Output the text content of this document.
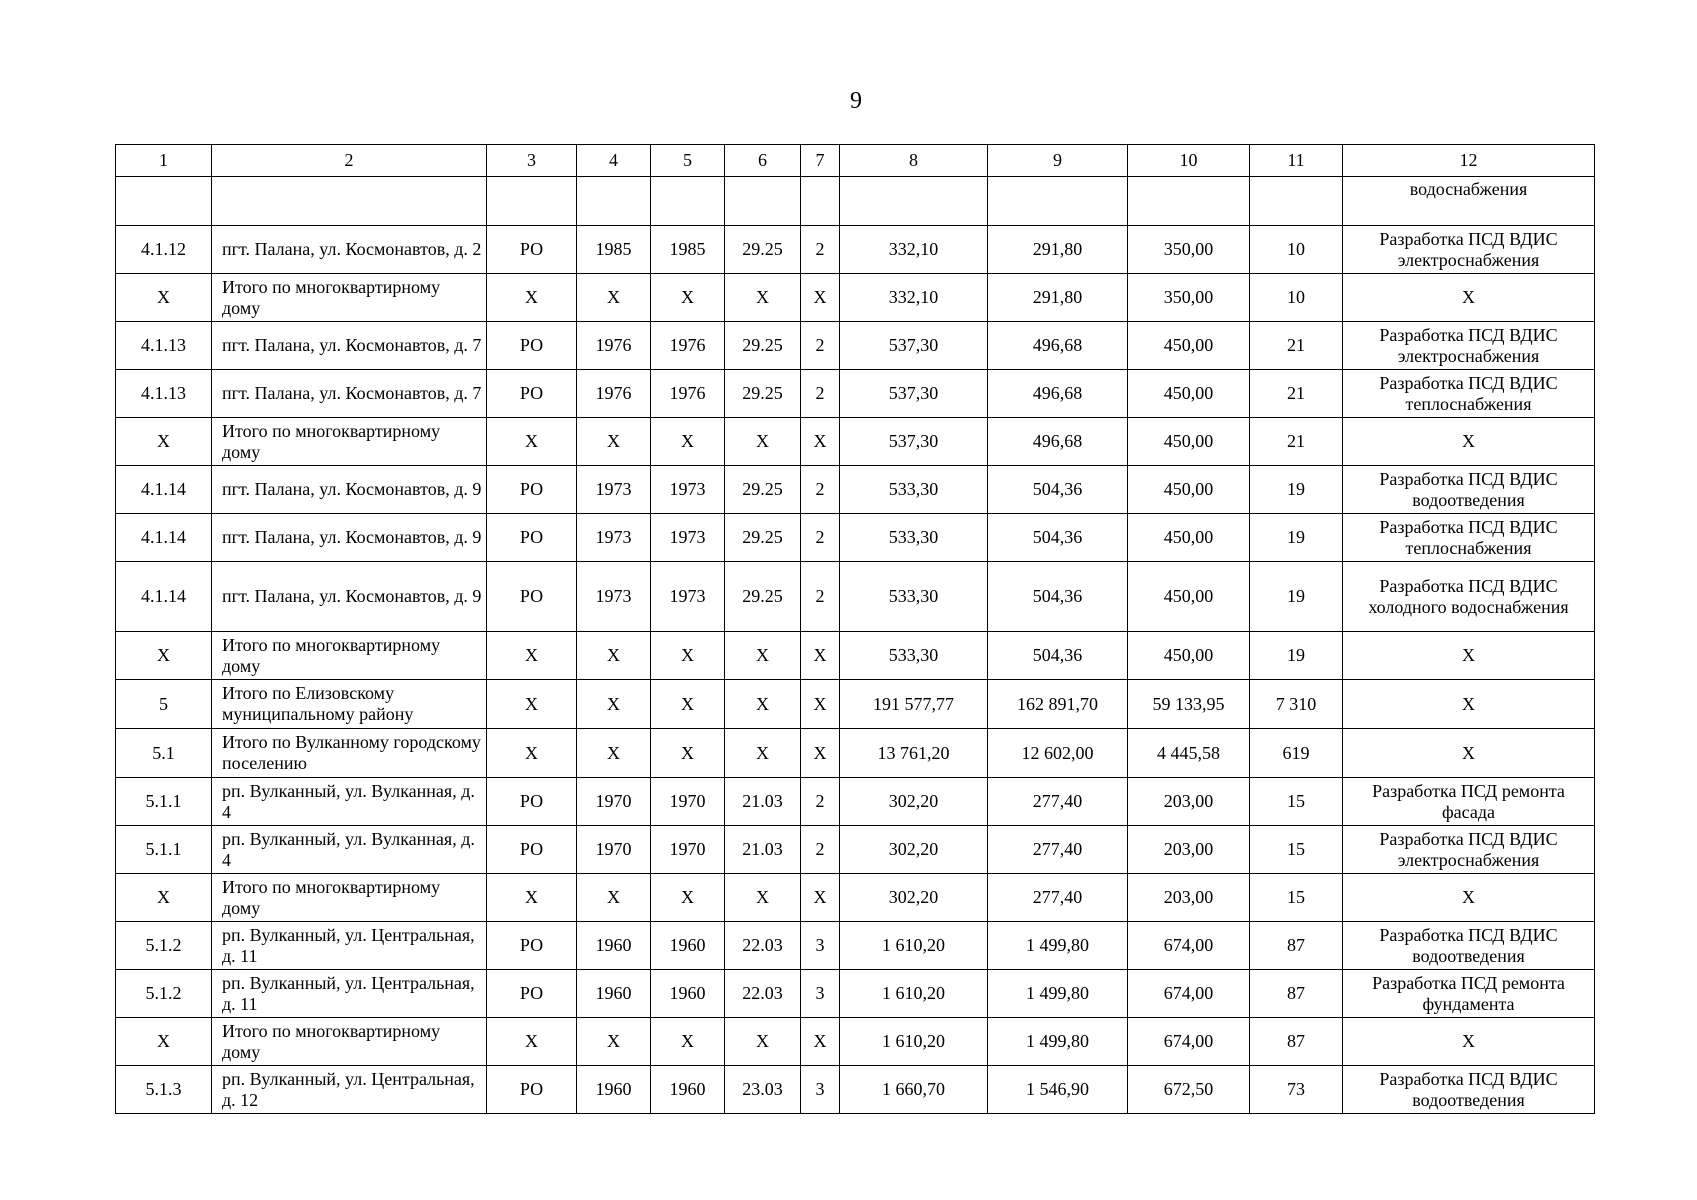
9
1	2	3	4	5	6	7	8	9	10	11	12
											водоснабжения
4.1.12	пгт. Палана, ул. Космонавтов, д. 2	РО	1985	1985	29.25	2	332,10	291,80	350,00	10	Разработка ПСД ВДИС электроснабжения
Х	Итого по многоквартирному дому	Х	Х	Х	Х	Х	332,10	291,80	350,00	10	Х
4.1.13	пгт. Палана, ул. Космонавтов, д. 7	РО	1976	1976	29.25	2	537,30	496,68	450,00	21	Разработка ПСД ВДИС электроснабжения
4.1.13	пгт. Палана, ул. Космонавтов, д. 7	РО	1976	1976	29.25	2	537,30	496,68	450,00	21	Разработка ПСД ВДИС теплоснабжения
Х	Итого по многоквартирному дому	Х	Х	Х	Х	Х	537,30	496,68	450,00	21	Х
4.1.14	пгт. Палана, ул. Космонавтов, д. 9	РО	1973	1973	29.25	2	533,30	504,36	450,00	19	Разработка ПСД ВДИС водоотведения
4.1.14	пгт. Палана, ул. Космонавтов, д. 9	РО	1973	1973	29.25	2	533,30	504,36	450,00	19	Разработка ПСД ВДИС теплоснабжения
4.1.14	пгт. Палана, ул. Космонавтов, д. 9	РО	1973	1973	29.25	2	533,30	504,36	450,00	19	Разработка ПСД ВДИС холодного водоснабжения
Х	Итого по многоквартирному дому	Х	Х	Х	Х	Х	533,30	504,36	450,00	19	Х
5	Итого по Елизовскому муниципальному району	Х	Х	Х	Х	Х	191 577,77	162 891,70	59 133,95	7 310	Х
5.1	Итого по Вулканному городскому поселению	Х	Х	Х	Х	Х	13 761,20	12 602,00	4 445,58	619	Х
5.1.1	рп. Вулканный, ул. Вулканная, д. 4	РО	1970	1970	21.03	2	302,20	277,40	203,00	15	Разработка ПСД ремонта фасада
5.1.1	рп. Вулканный, ул. Вулканная, д. 4	РО	1970	1970	21.03	2	302,20	277,40	203,00	15	Разработка ПСД ВДИС электроснабжения
Х	Итого по многоквартирному дому	Х	Х	Х	Х	Х	302,20	277,40	203,00	15	Х
5.1.2	рп. Вулканный, ул. Центральная, д. 11	РО	1960	1960	22.03	3	1 610,20	1 499,80	674,00	87	Разработка ПСД ВДИС водоотведения
5.1.2	рп. Вулканный, ул. Центральная, д. 11	РО	1960	1960	22.03	3	1 610,20	1 499,80	674,00	87	Разработка ПСД ремонта фундамента
Х	Итого по многоквартирному дому	Х	Х	Х	Х	Х	1 610,20	1 499,80	674,00	87	Х
5.1.3	рп. Вулканный, ул. Центральная, д. 12	РО	1960	1960	23.03	3	1 660,70	1 546,90	672,50	73	Разработка ПСД ВДИС водоотведения
